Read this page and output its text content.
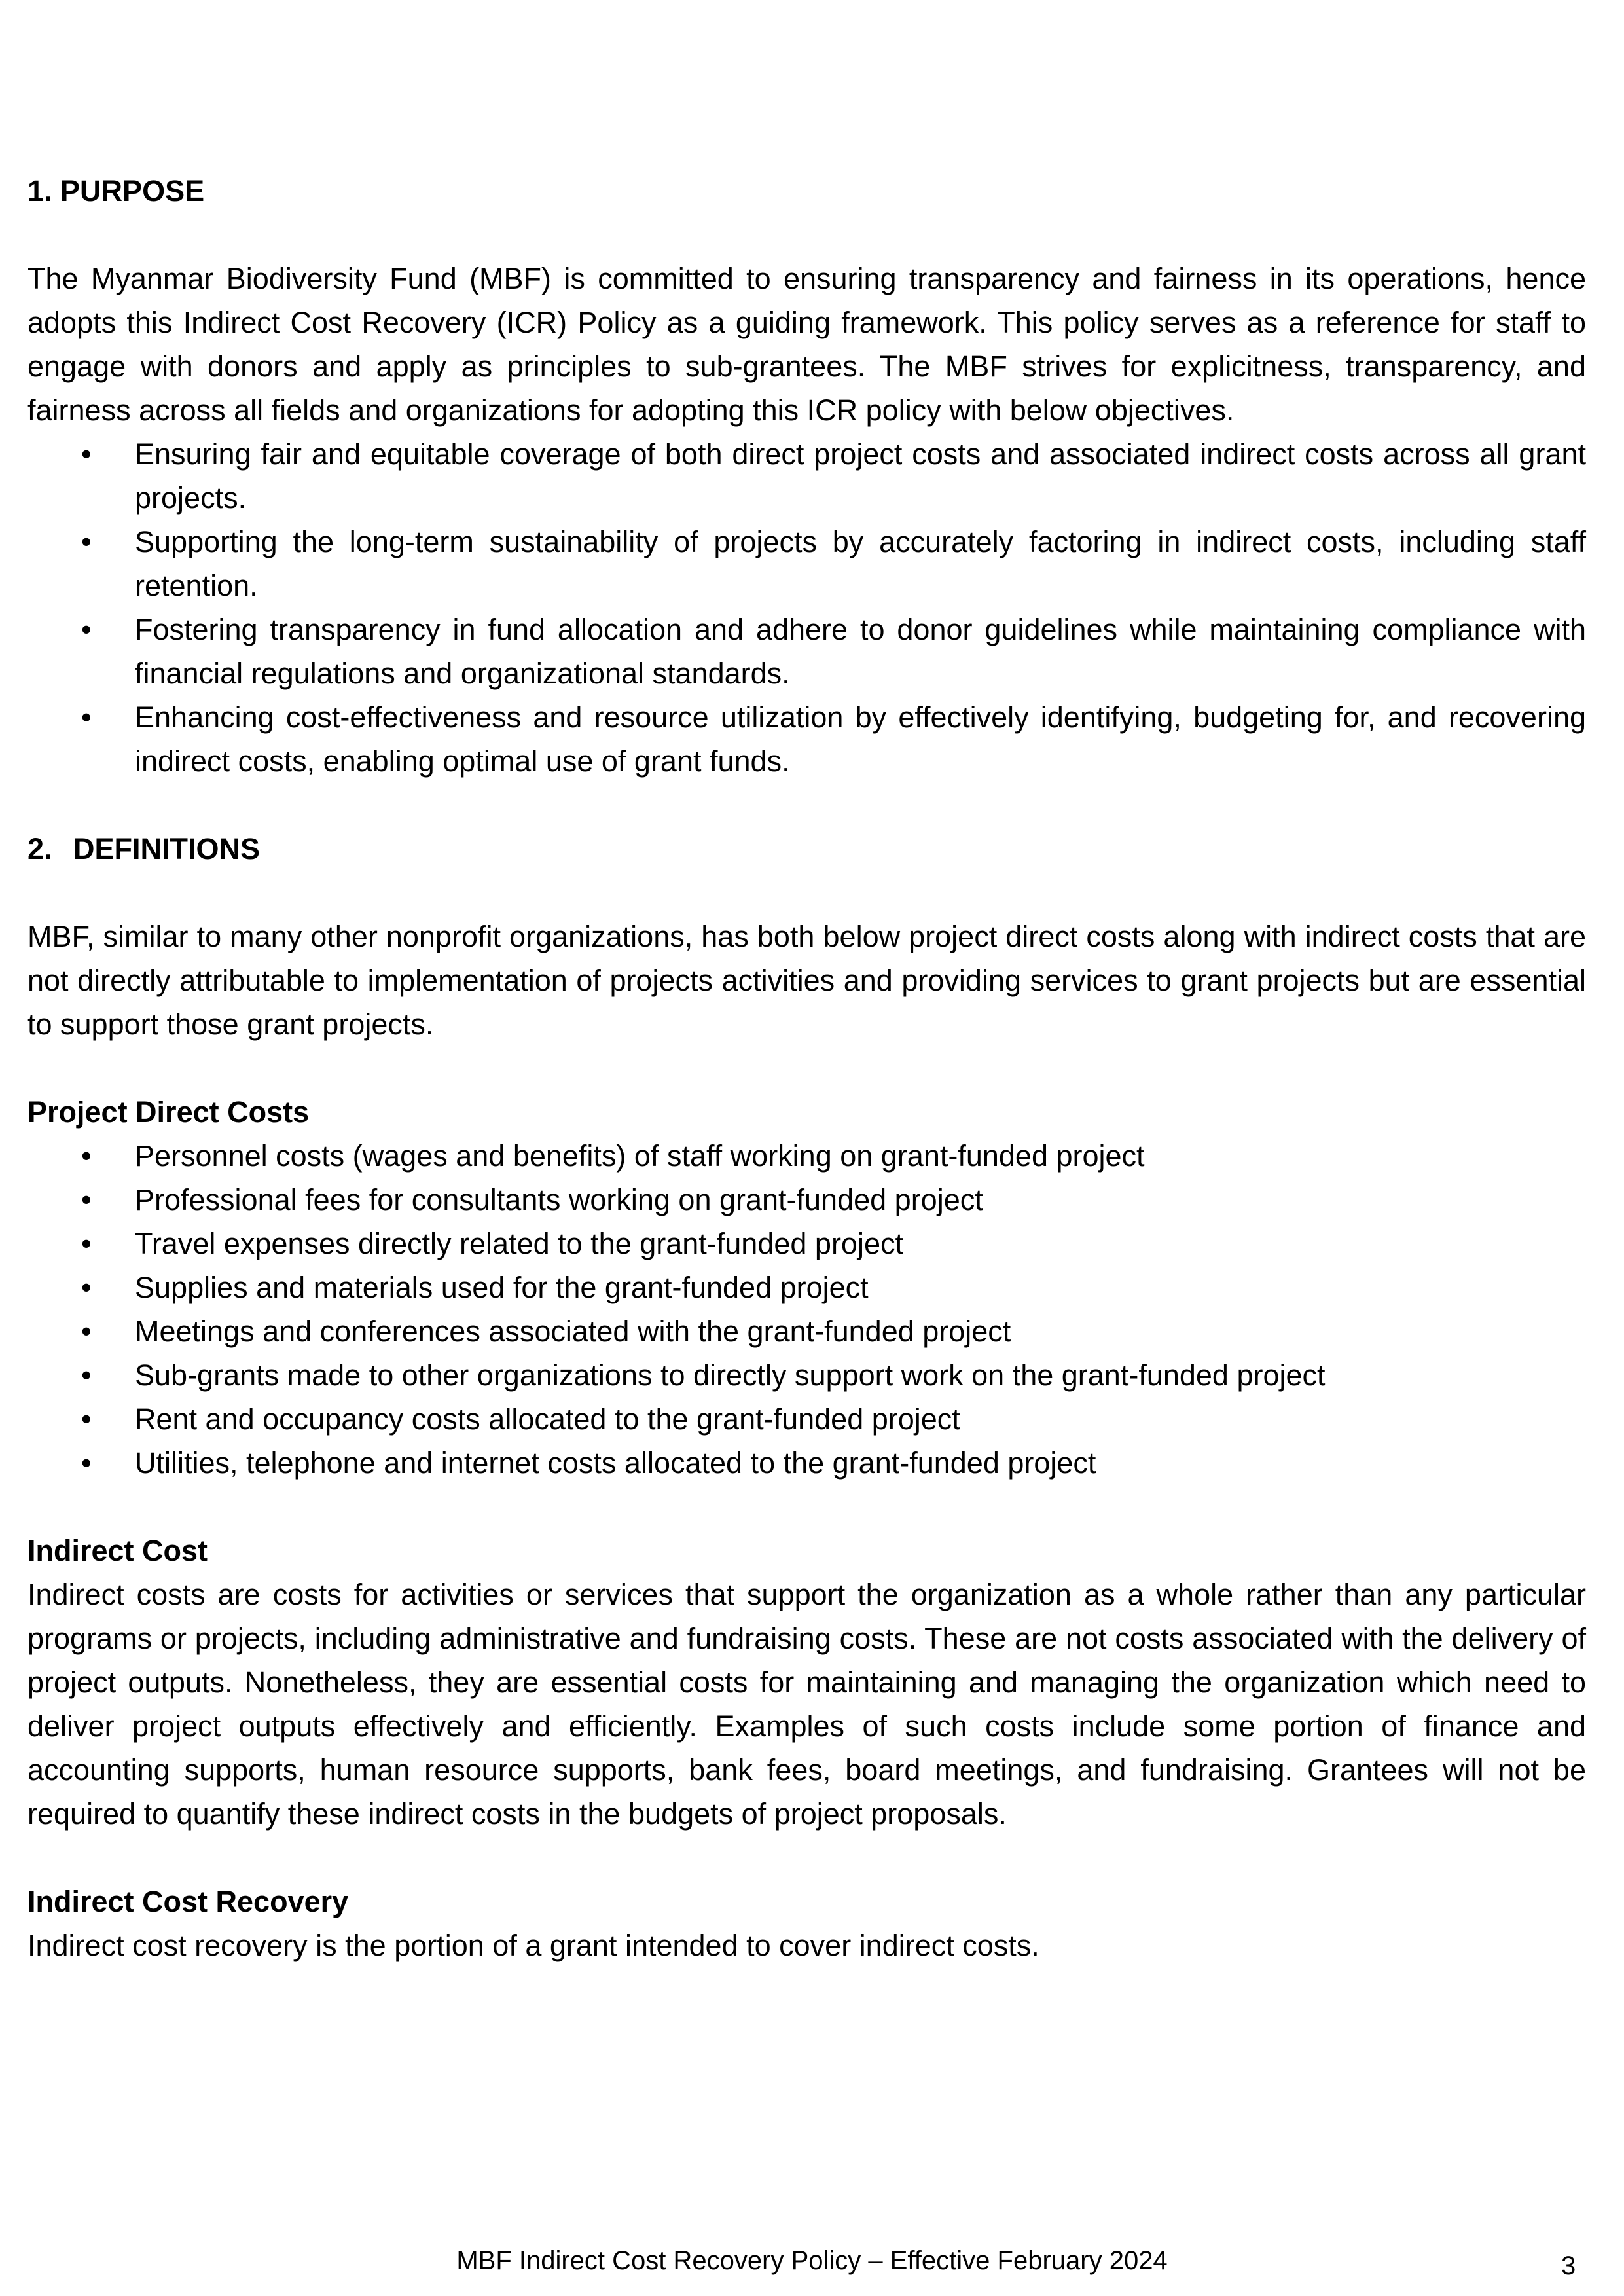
1. PURPOSE

The Myanmar Biodiversity Fund (MBF) is committed to ensuring transparency and fairness in its operations, hence adopts this Indirect Cost Recovery (ICR) Policy as a guiding framework. This policy serves as a reference for staff to engage with donors and apply as principles to sub-grantees. The MBF strives for explicitness, transparency, and fairness across all fields and organizations for adopting this ICR policy with below objectives.

• Ensuring fair and equitable coverage of both direct project costs and associated indirect costs across all grant projects.
• Supporting the long-term sustainability of projects by accurately factoring in indirect costs, including staff retention.
• Fostering transparency in fund allocation and adhere to donor guidelines while maintaining compliance with financial regulations and organizational standards.
• Enhancing cost-effectiveness and resource utilization by effectively identifying, budgeting for, and recovering indirect costs, enabling optimal use of grant funds.

2. DEFINITIONS

MBF, similar to many other nonprofit organizations, has both below project direct costs along with indirect costs that are not directly attributable to implementation of projects activities and providing services to grant projects but are essential to support those grant projects.

Project Direct Costs

• Personnel costs (wages and benefits) of staff working on grant-funded project
• Professional fees for consultants working on grant-funded project
• Travel expenses directly related to the grant-funded project
• Supplies and materials used for the grant-funded project
• Meetings and conferences associated with the grant-funded project
• Sub-grants made to other organizations to directly support work on the grant-funded project
• Rent and occupancy costs allocated to the grant-funded project
• Utilities, telephone and internet costs allocated to the grant-funded project

Indirect Cost

Indirect costs are costs for activities or services that support the organization as a whole rather than any particular programs or projects, including administrative and fundraising costs. These are not costs associated with the delivery of project outputs. Nonetheless, they are essential costs for maintaining and managing the organization which need to deliver project outputs effectively and efficiently. Examples of such costs include some portion of finance and accounting supports, human resource supports, bank fees, board meetings, and fundraising. Grantees will not be required to quantify these indirect costs in the budgets of project proposals.

Indirect Cost Recovery

Indirect cost recovery is the portion of a grant intended to cover indirect costs.

MBF Indirect Cost Recovery Policy – Effective February 2024	3
